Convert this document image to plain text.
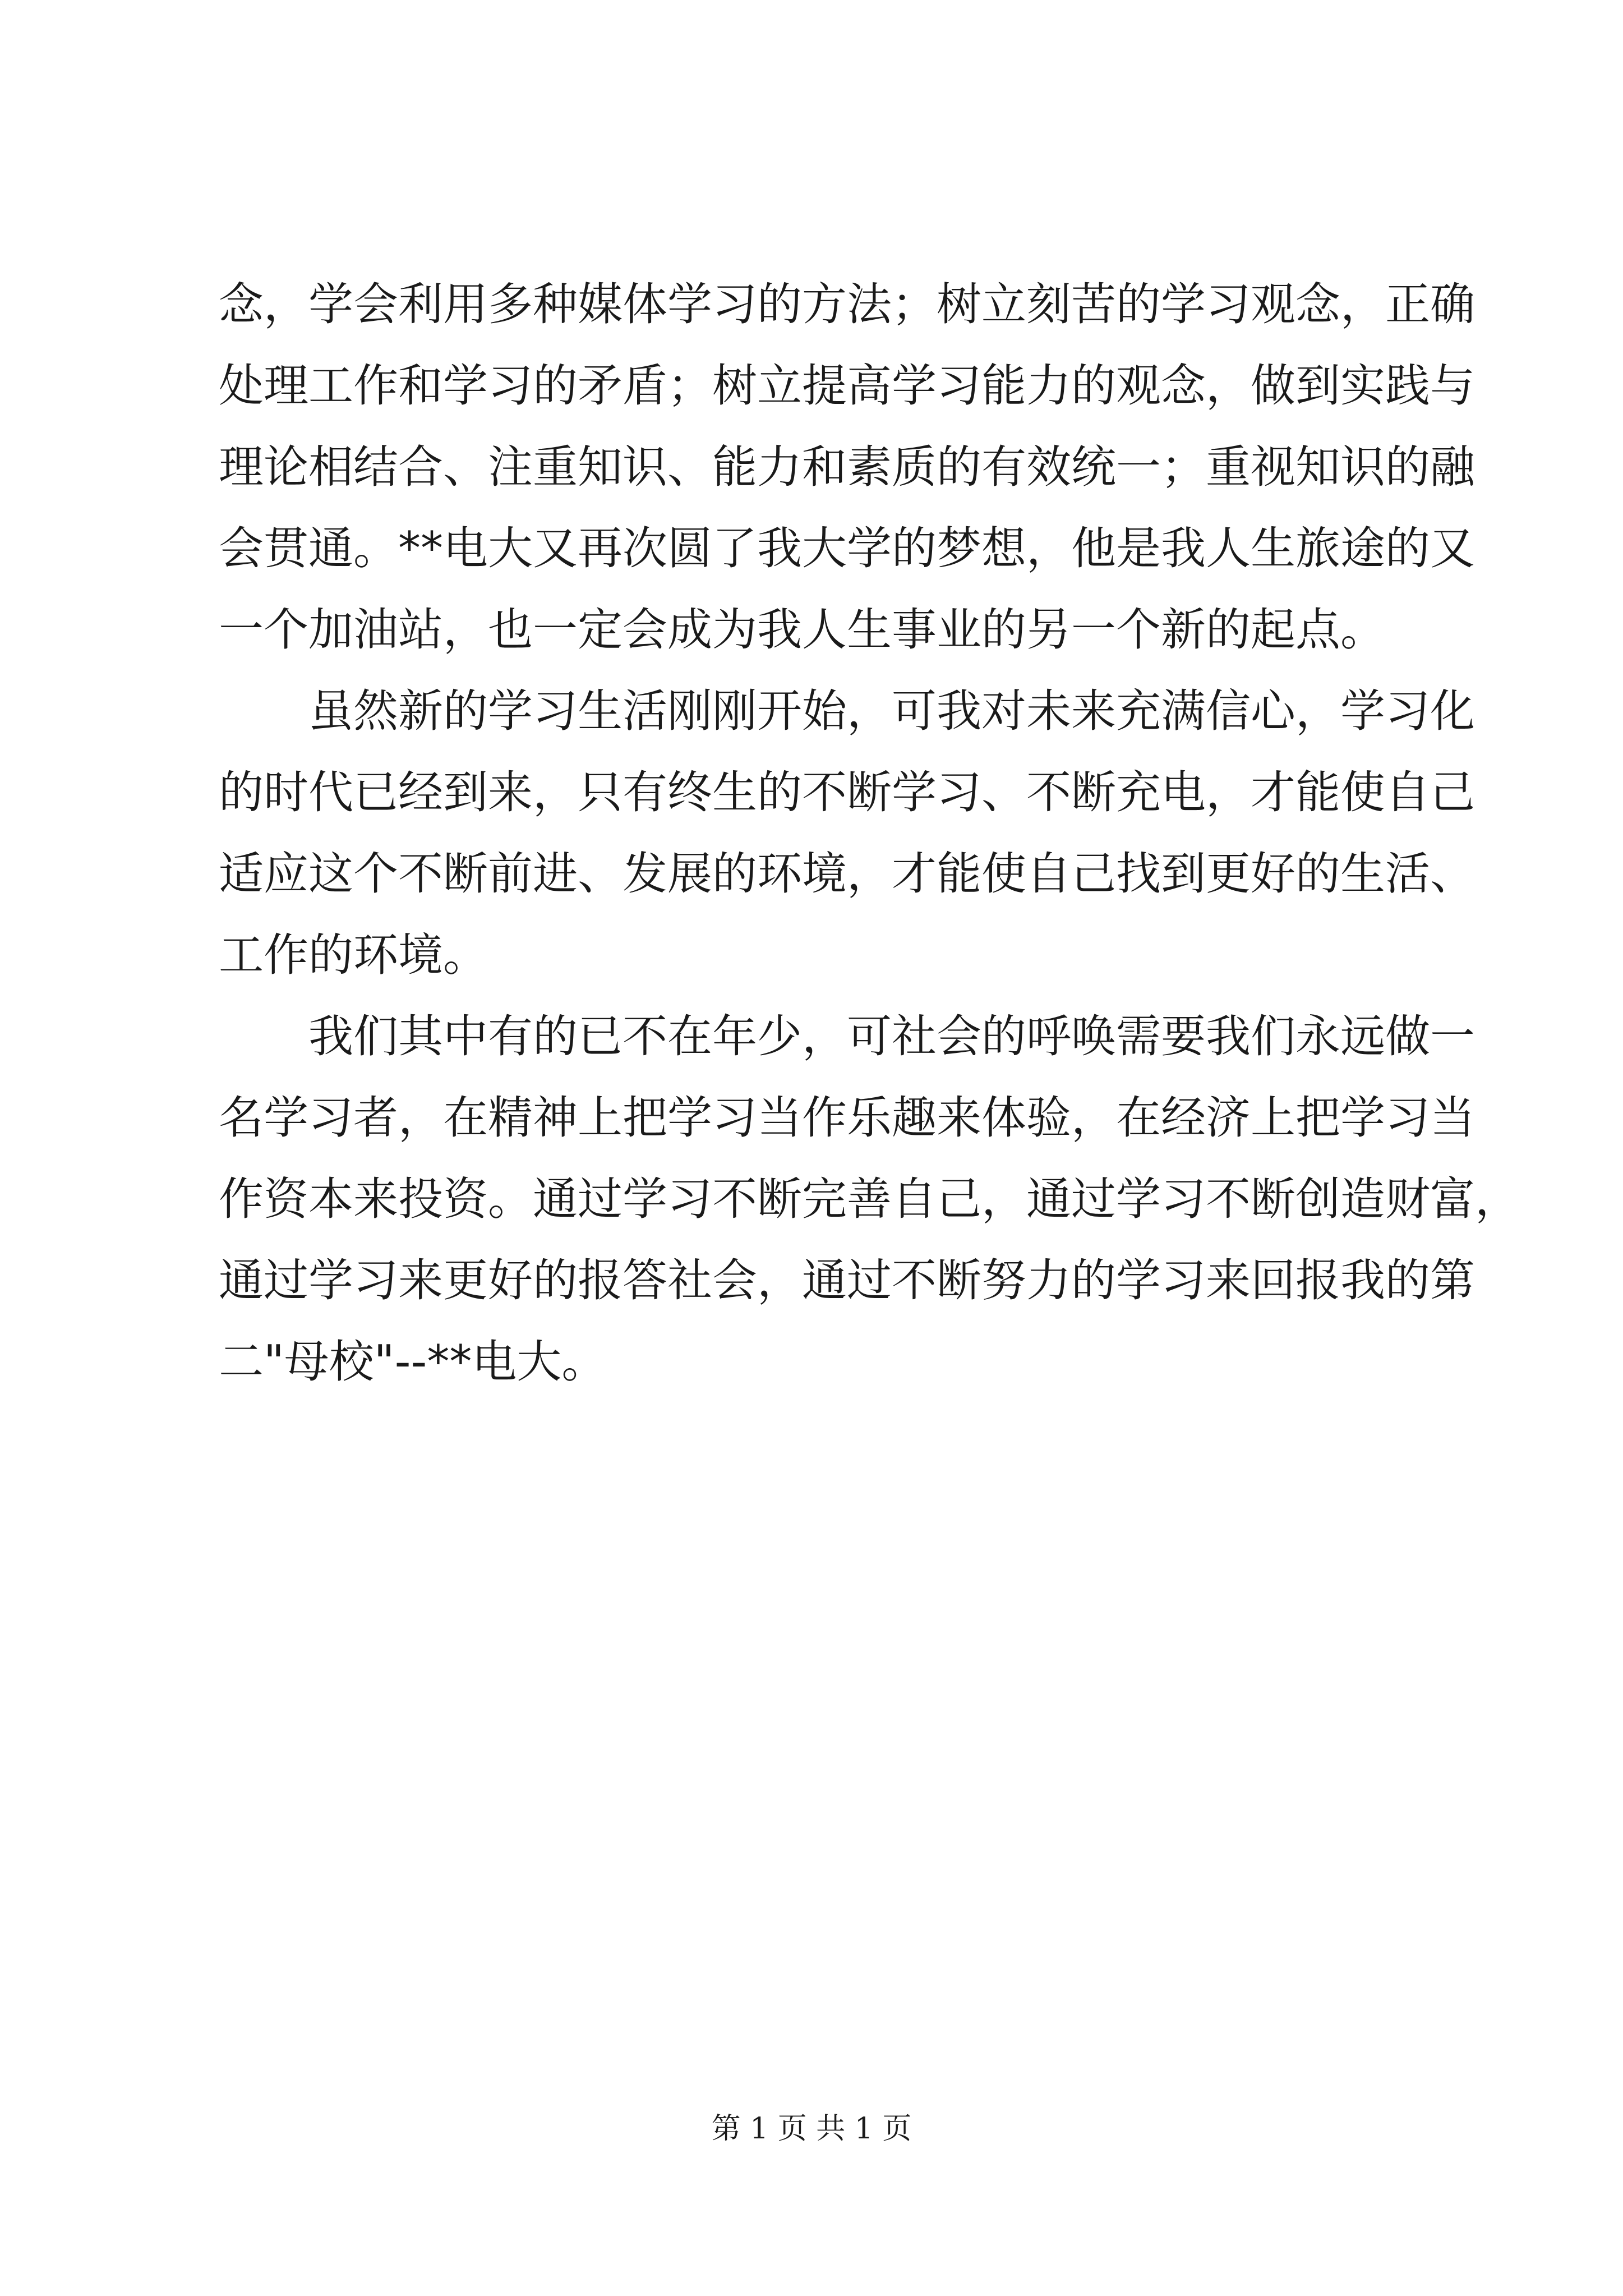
念，学会利用多种媒体学习的方法；树立刻苦的学习观念，正确
处理工作和学习的矛盾；树立提高学习能力的观念，做到实践与
理论相结合、注重知识、能力和素质的有效统一；重视知识的融
会贯通。**电大又再次圆了我大学的梦想，他是我人生旅途的又
一个加油站，也一定会成为我人生事业的另一个新的起点。
虽然新的学习生活刚刚开始，可我对未来充满信心，学习化
的时代已经到来，只有终生的不断学习、不断充电，才能使自己
适应这个不断前进、发展的环境，才能使自己找到更好的生活、
工作的环境。
我们其中有的已不在年少，可社会的呼唤需要我们永远做一
名学习者，在精神上把学习当作乐趣来体验，在经济上把学习当
作资本来投资。通过学习不断完善自己，通过学习不断创造财富，
通过学习来更好的报答社会，通过不断努力的学习来回报我的第
二"母校"--**电大。
第 1 页 共 1 页
